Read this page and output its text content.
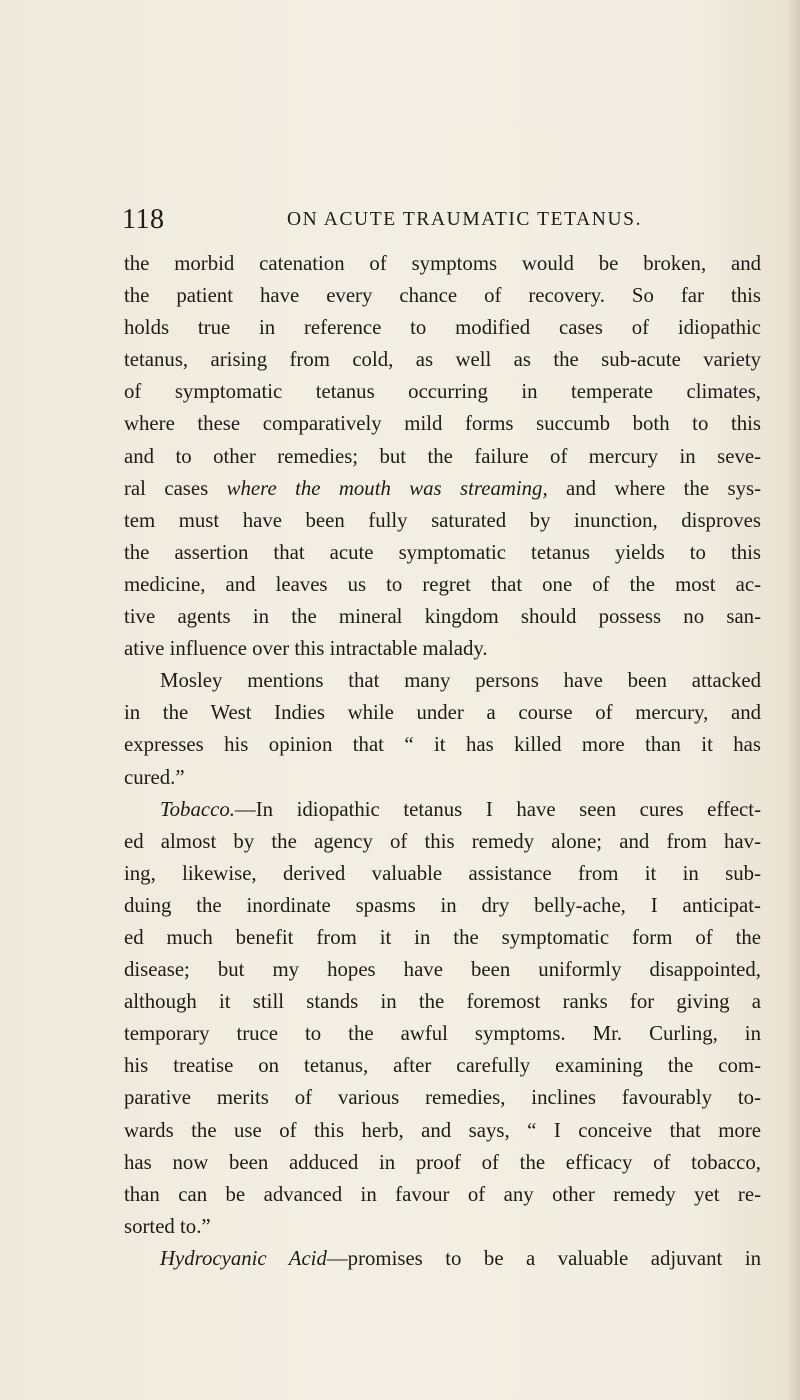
118	ON ACUTE TRAUMATIC TETANUS.
the morbid catenation of symptoms would be broken, and
the patient have every chance of recovery. So far this
holds true in reference to modified cases of idiopathic
tetanus, arising from cold, as well as the sub-acute variety
of symptomatic tetanus occurring in temperate climates,
where these comparatively mild forms succumb both to this
and to other remedies; but the failure of mercury in seve-
ral cases where the mouth was streaming, and where the sys-
tem must have been fully saturated by inunction, disproves
the assertion that acute symptomatic tetanus yields to this
medicine, and leaves us to regret that one of the most ac-
tive agents in the mineral kingdom should possess no san-
ative influence over this intractable malady.
Mosley mentions that many persons have been attacked
in the West Indies while under a course of mercury, and
expresses his opinion that “ it has killed more than it has
cured.”
Tobacco.—In idiopathic tetanus I have seen cures effect-
ed almost by the agency of this remedy alone; and from hav-
ing, likewise, derived valuable assistance from it in sub-
duing the inordinate spasms in dry belly-ache, I anticipat-
ed much benefit from it in the symptomatic form of the
disease; but my hopes have been uniformly disappointed,
although it still stands in the foremost ranks for giving a
temporary truce to the awful symptoms. Mr. Curling, in
his treatise on tetanus, after carefully examining the com-
parative merits of various remedies, inclines favourably to-
wards the use of this herb, and says, “ I conceive that more
has now been adduced in proof of the efficacy of tobacco,
than can be advanced in favour of any other remedy yet re-
sorted to.”
Hydrocyanic Acid—promises to be a valuable adjuvant in
